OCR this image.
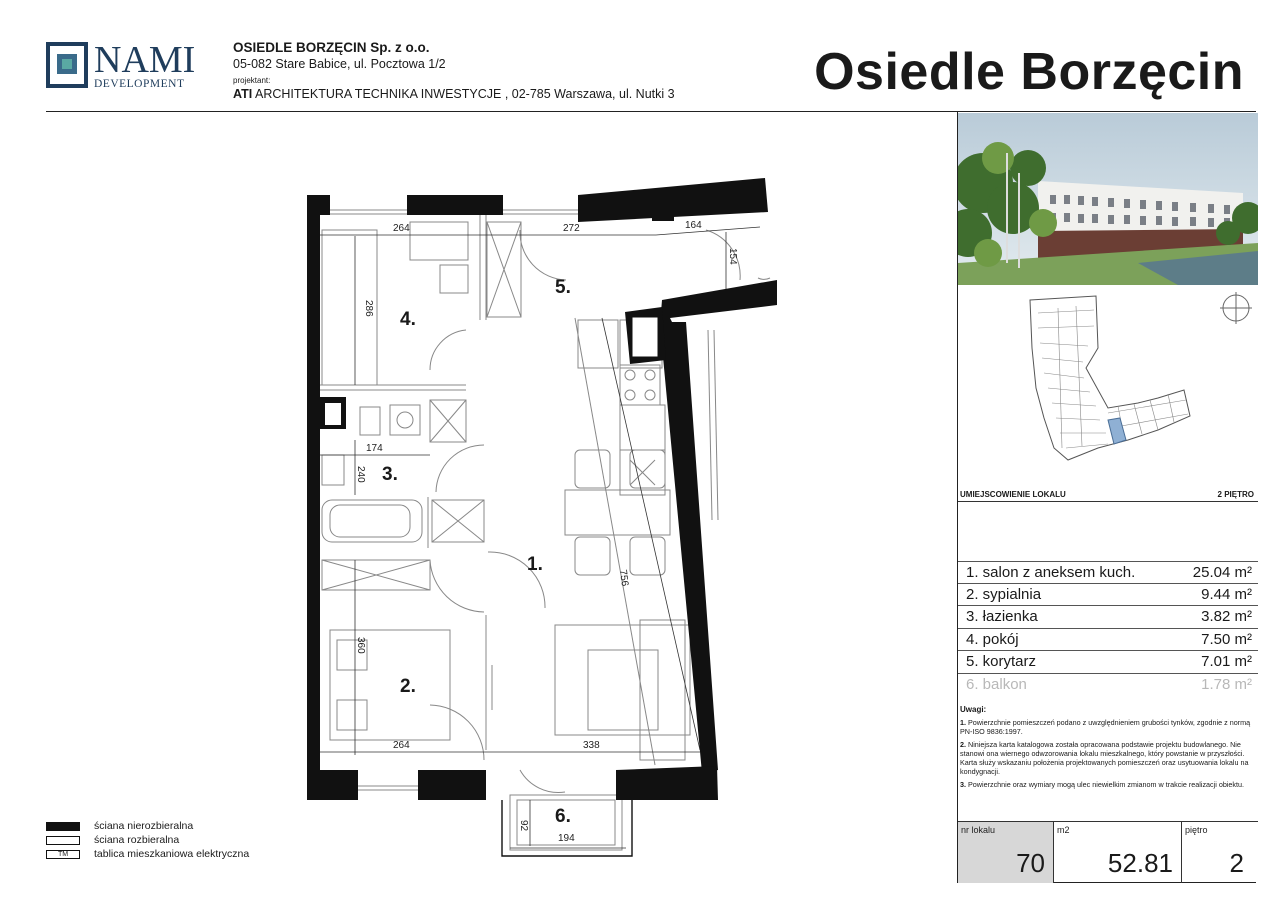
NAMI
DEVELOPMENT
OSIEDLE BORZĘCIN Sp. z o.o.
05-082 Stare Babice, ul. Pocztowa 1/2
projektant:
ATI ARCHITEKTURA TECHNIKA INWESTYCJE , 02-785 Warszawa, ul. Nutki 3	Osiedle Borzęcin
1.
2.
3.
4.
5.
6.
264	272	164
154
286
174
240
756
360
264	338
92
194
UMIEJSCOWIENIE LOKALU	2 PIĘTRO
1. salon z aneksem kuch.	25.04 m²
2. sypialnia	9.44 m²
3. łazienka	3.82 m²
4. pokój	7.50 m²
5. korytarz	7.01 m²
6. balkon	1.78 m²
Uwagi:

1. Powierzchnie pomieszczeń podano z uwzględnieniem grubości tynków, zgodnie z normą PN-ISO 9836:1997.

2. Niniejsza karta katalogowa została opracowana podstawie projektu budowlanego. Nie stanowi ona wiernego odwzorowania lokalu mieszkalnego, który powstanie w przyszłości. Karta służy wskazaniu położenia projektowanych pomieszczeń oraz usytuowania lokalu na kondygnacji.

3. Powierzchnie oraz wymiary mogą ulec niewielkim zmianom w trakcie realizacji obiektu.

nr lokalu
70
m2
52.81
piętro
2
ściana nierozbieralna
ściana rozbieralna
TM	tablica mieszkaniowa elektryczna
